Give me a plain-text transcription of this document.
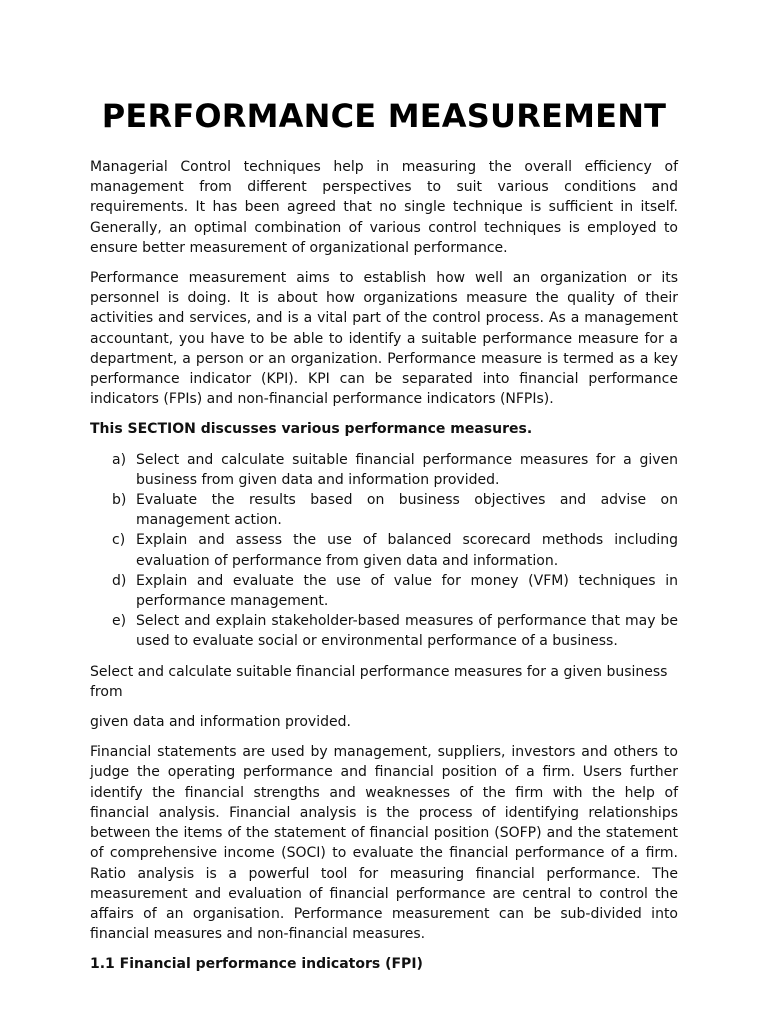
PERFORMANCE MEASUREMENT

Managerial Control techniques help in measuring the overall efficiency of management from different perspectives to suit various conditions and requirements. It has been agreed that no single technique is sufficient in itself. Generally, an optimal combination of various control techniques is employed to ensure better measurement of organizational performance.

Performance measurement aims to establish how well an organization or its personnel is doing. It is about how organizations measure the quality of their activities and services, and is a vital part of the control process. As a management accountant, you have to be able to identify a suitable performance measure for a department, a person or an organization. Performance measure is termed as a key performance indicator (KPI). KPI can be separated into financial performance indicators (FPIs) and non-financial performance indicators (NFPIs).

This SECTION discusses various performance measures.

a) Select and calculate suitable financial performance measures for a given business from given data and information provided.
b) Evaluate the results based on business objectives and advise on management action.
c) Explain and assess the use of balanced scorecard methods including evaluation of performance from given data and information.
d) Explain and evaluate the use of value for money (VFM) techniques in performance management.
e) Select and explain stakeholder-based measures of performance that may be used to evaluate social or environmental performance of a business.

Select and calculate suitable financial performance measures for a given business from

given data and information provided.

Financial statements are used by management, suppliers, investors and others to judge the operating performance and financial position of a firm. Users further identify the financial strengths and weaknesses of the firm with the help of financial analysis. Financial analysis is the process of identifying relationships between the items of the statement of financial position (SOFP) and the statement of comprehensive income (SOCI) to evaluate the financial performance of a firm. Ratio analysis is a powerful tool for measuring financial performance. The measurement and evaluation of financial performance are central to control the affairs of an organisation. Performance measurement can be sub-divided into financial measures and non-financial measures.

1.1 Financial performance indicators (FPI)
